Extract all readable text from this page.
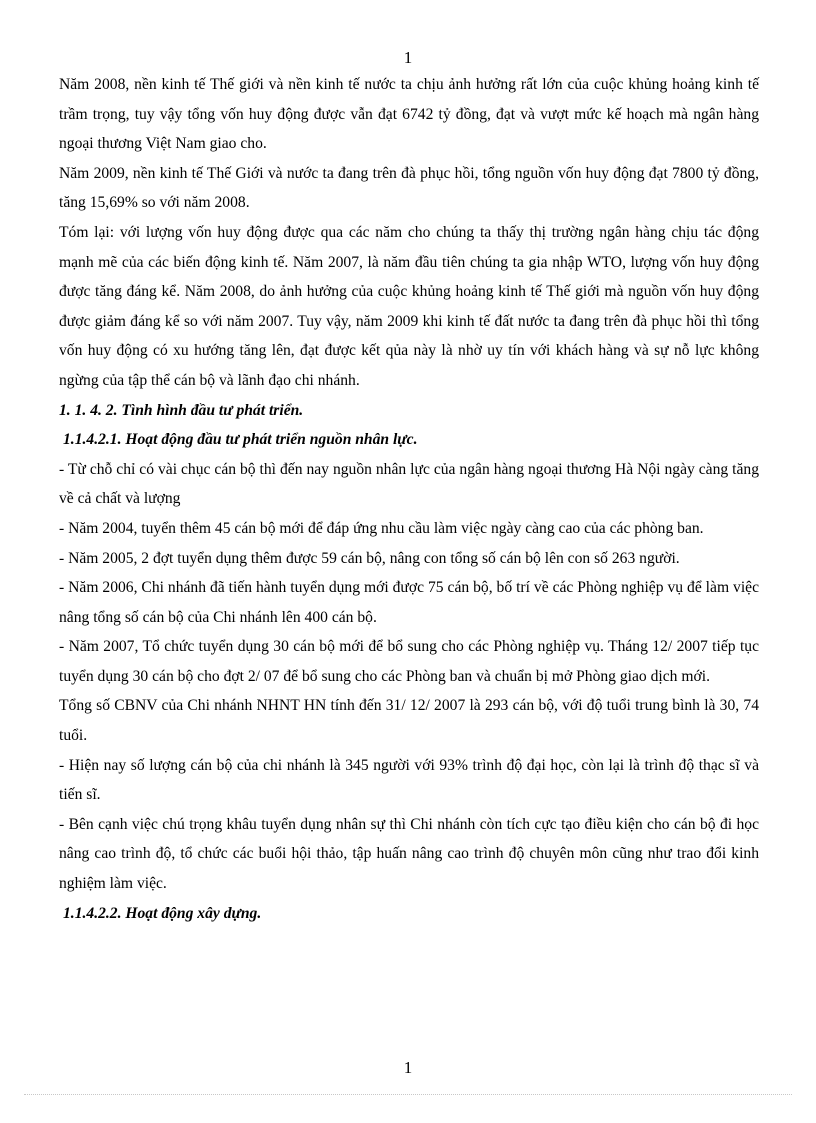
1

Năm 2008, nền kinh tế Thế giới và nền kinh tế nước ta chịu ảnh hưởng rất lớn của cuộc khủng hoảng kinh tế trầm trọng, tuy vậy tổng vốn huy động được vẫn đạt 6742 tỷ đồng, đạt và vượt mức kế hoạch mà ngân hàng ngoại thương Việt Nam giao cho.

Năm 2009, nền kinh tế Thế Giới và nước ta đang trên đà phục hồi, tổng nguồn vốn huy động đạt 7800 tỷ đồng, tăng 15,69% so với năm 2008.

Tóm lại: với lượng vốn huy động được qua các năm cho chúng ta thấy thị trường ngân hàng chịu tác động mạnh mẽ của các biến động kinh tế. Năm 2007, là năm đầu tiên chúng ta gia nhập WTO, lượng vốn huy động được tăng đáng kể. Năm 2008, do ảnh hưởng của cuộc khủng hoảng kinh tế Thế giới mà nguồn vốn huy động được giảm đáng kể so với năm 2007. Tuy vậy, năm 2009 khi kinh tế đất nước ta đang trên đà phục hồi thì tổng vốn huy động có xu hướng tăng lên, đạt được kết qủa này là nhờ uy tín với khách hàng và sự nỗ lực không ngừng của tập thể cán bộ và lãnh đạo chi nhánh.

1. 1. 4. 2. Tình hình đầu tư phát triển.

1.1.4.2.1. Hoạt động đầu tư phát triển nguồn nhân lực.

- Từ chỗ chỉ có vài chục cán bộ thì đến nay nguồn nhân lực của ngân hàng ngoại thương Hà Nội ngày càng tăng về cả chất và lượng

- Năm 2004, tuyển thêm 45 cán bộ mới để đáp ứng nhu cầu làm việc ngày càng cao của các phòng ban.

- Năm 2005, 2 đợt tuyển dụng thêm được 59 cán bộ, nâng con tổng số cán bộ lên con số 263 người.

- Năm 2006, Chi nhánh đã tiến hành tuyển dụng mới được 75 cán bộ, bố trí về các Phòng nghiệp vụ để làm việc nâng tổng số cán bộ của Chi nhánh lên 400 cán bộ.

- Năm 2007, Tổ chức tuyển dụng 30 cán bộ mới để bổ sung cho các Phòng nghiệp vụ. Tháng 12/ 2007 tiếp tục tuyển dụng 30 cán bộ cho đợt 2/ 07 để bổ sung cho các Phòng ban và chuẩn bị mở Phòng giao dịch mới.

Tổng số CBNV của Chi nhánh NHNT HN tính đến 31/ 12/ 2007 là 293 cán bộ, với độ tuổi trung bình là 30, 74 tuổi.

- Hiện nay số lượng cán bộ của chi nhánh là 345 người với 93% trình độ đại học, còn lại là trình độ thạc sĩ và tiến sĩ.

- Bên cạnh việc chú trọng khâu tuyển dụng nhân sự thì Chi nhánh còn tích cực tạo điều kiện cho cán bộ đi học nâng cao trình độ, tổ chức các buổi hội thảo, tập huấn nâng cao trình độ chuyên môn cũng như trao đổi kinh nghiệm làm việc.

1.1.4.2.2. Hoạt động xây dựng.

1
